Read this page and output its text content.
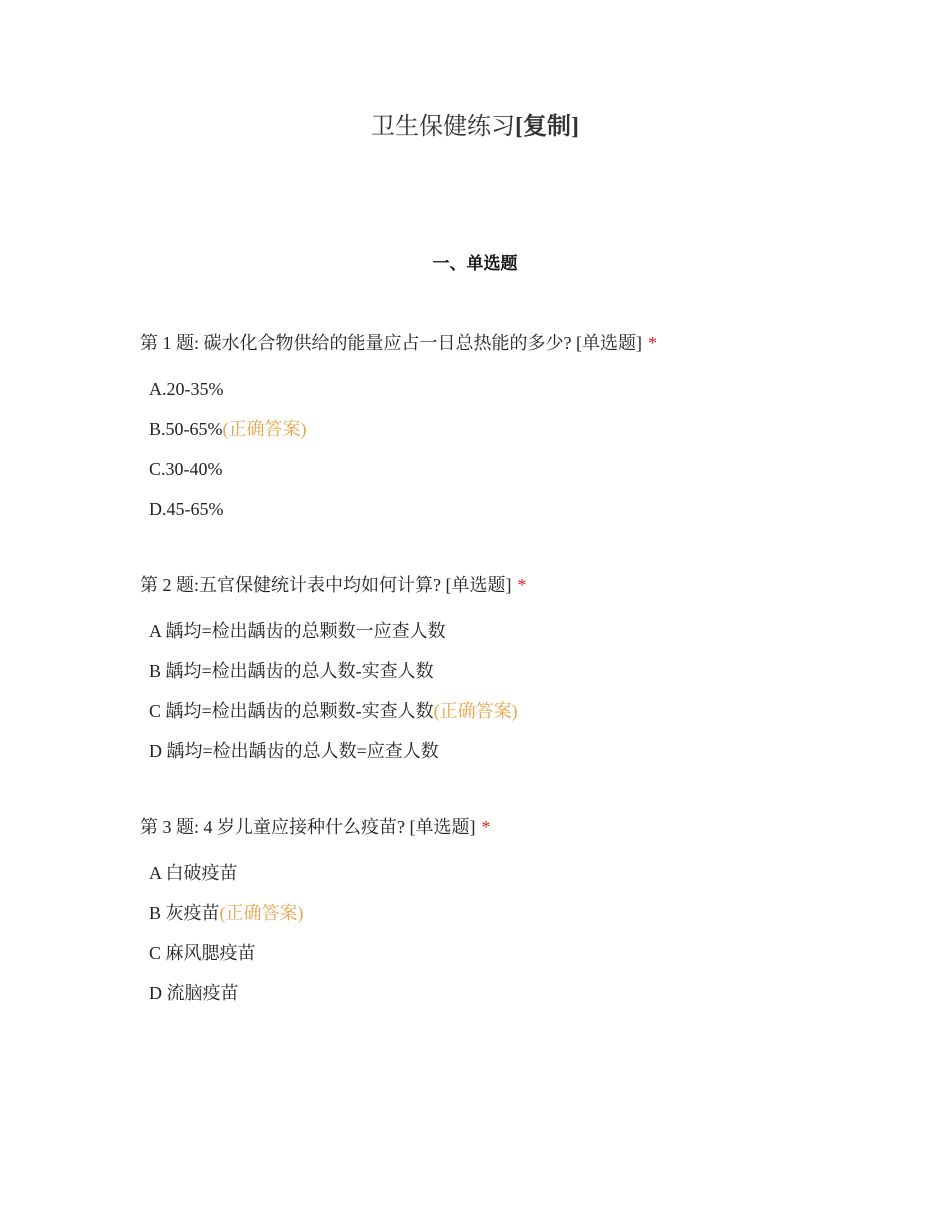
卫生保健练习[复制]
一、单选题
第 1 题: 碳水化合物供给的能量应占一日总热能的多少? [单选题] *
A.20-35%
B.50-65%(正确答案)
C.30-40%
D.45-65%
第 2 题:五官保健统计表中均如何计算? [单选题] *
A 龋均=检出龋齿的总颗数一应查人数
B 龋均=检出龋齿的总人数-实查人数
C 龋均=检出龋齿的总颗数-实查人数(正确答案)
D 龋均=检出龋齿的总人数=应查人数
第 3 题: 4 岁儿童应接种什么疫苗? [单选题] *
A 白破疫苗
B 灰疫苗(正确答案)
C 麻风腮疫苗
D 流脑疫苗
